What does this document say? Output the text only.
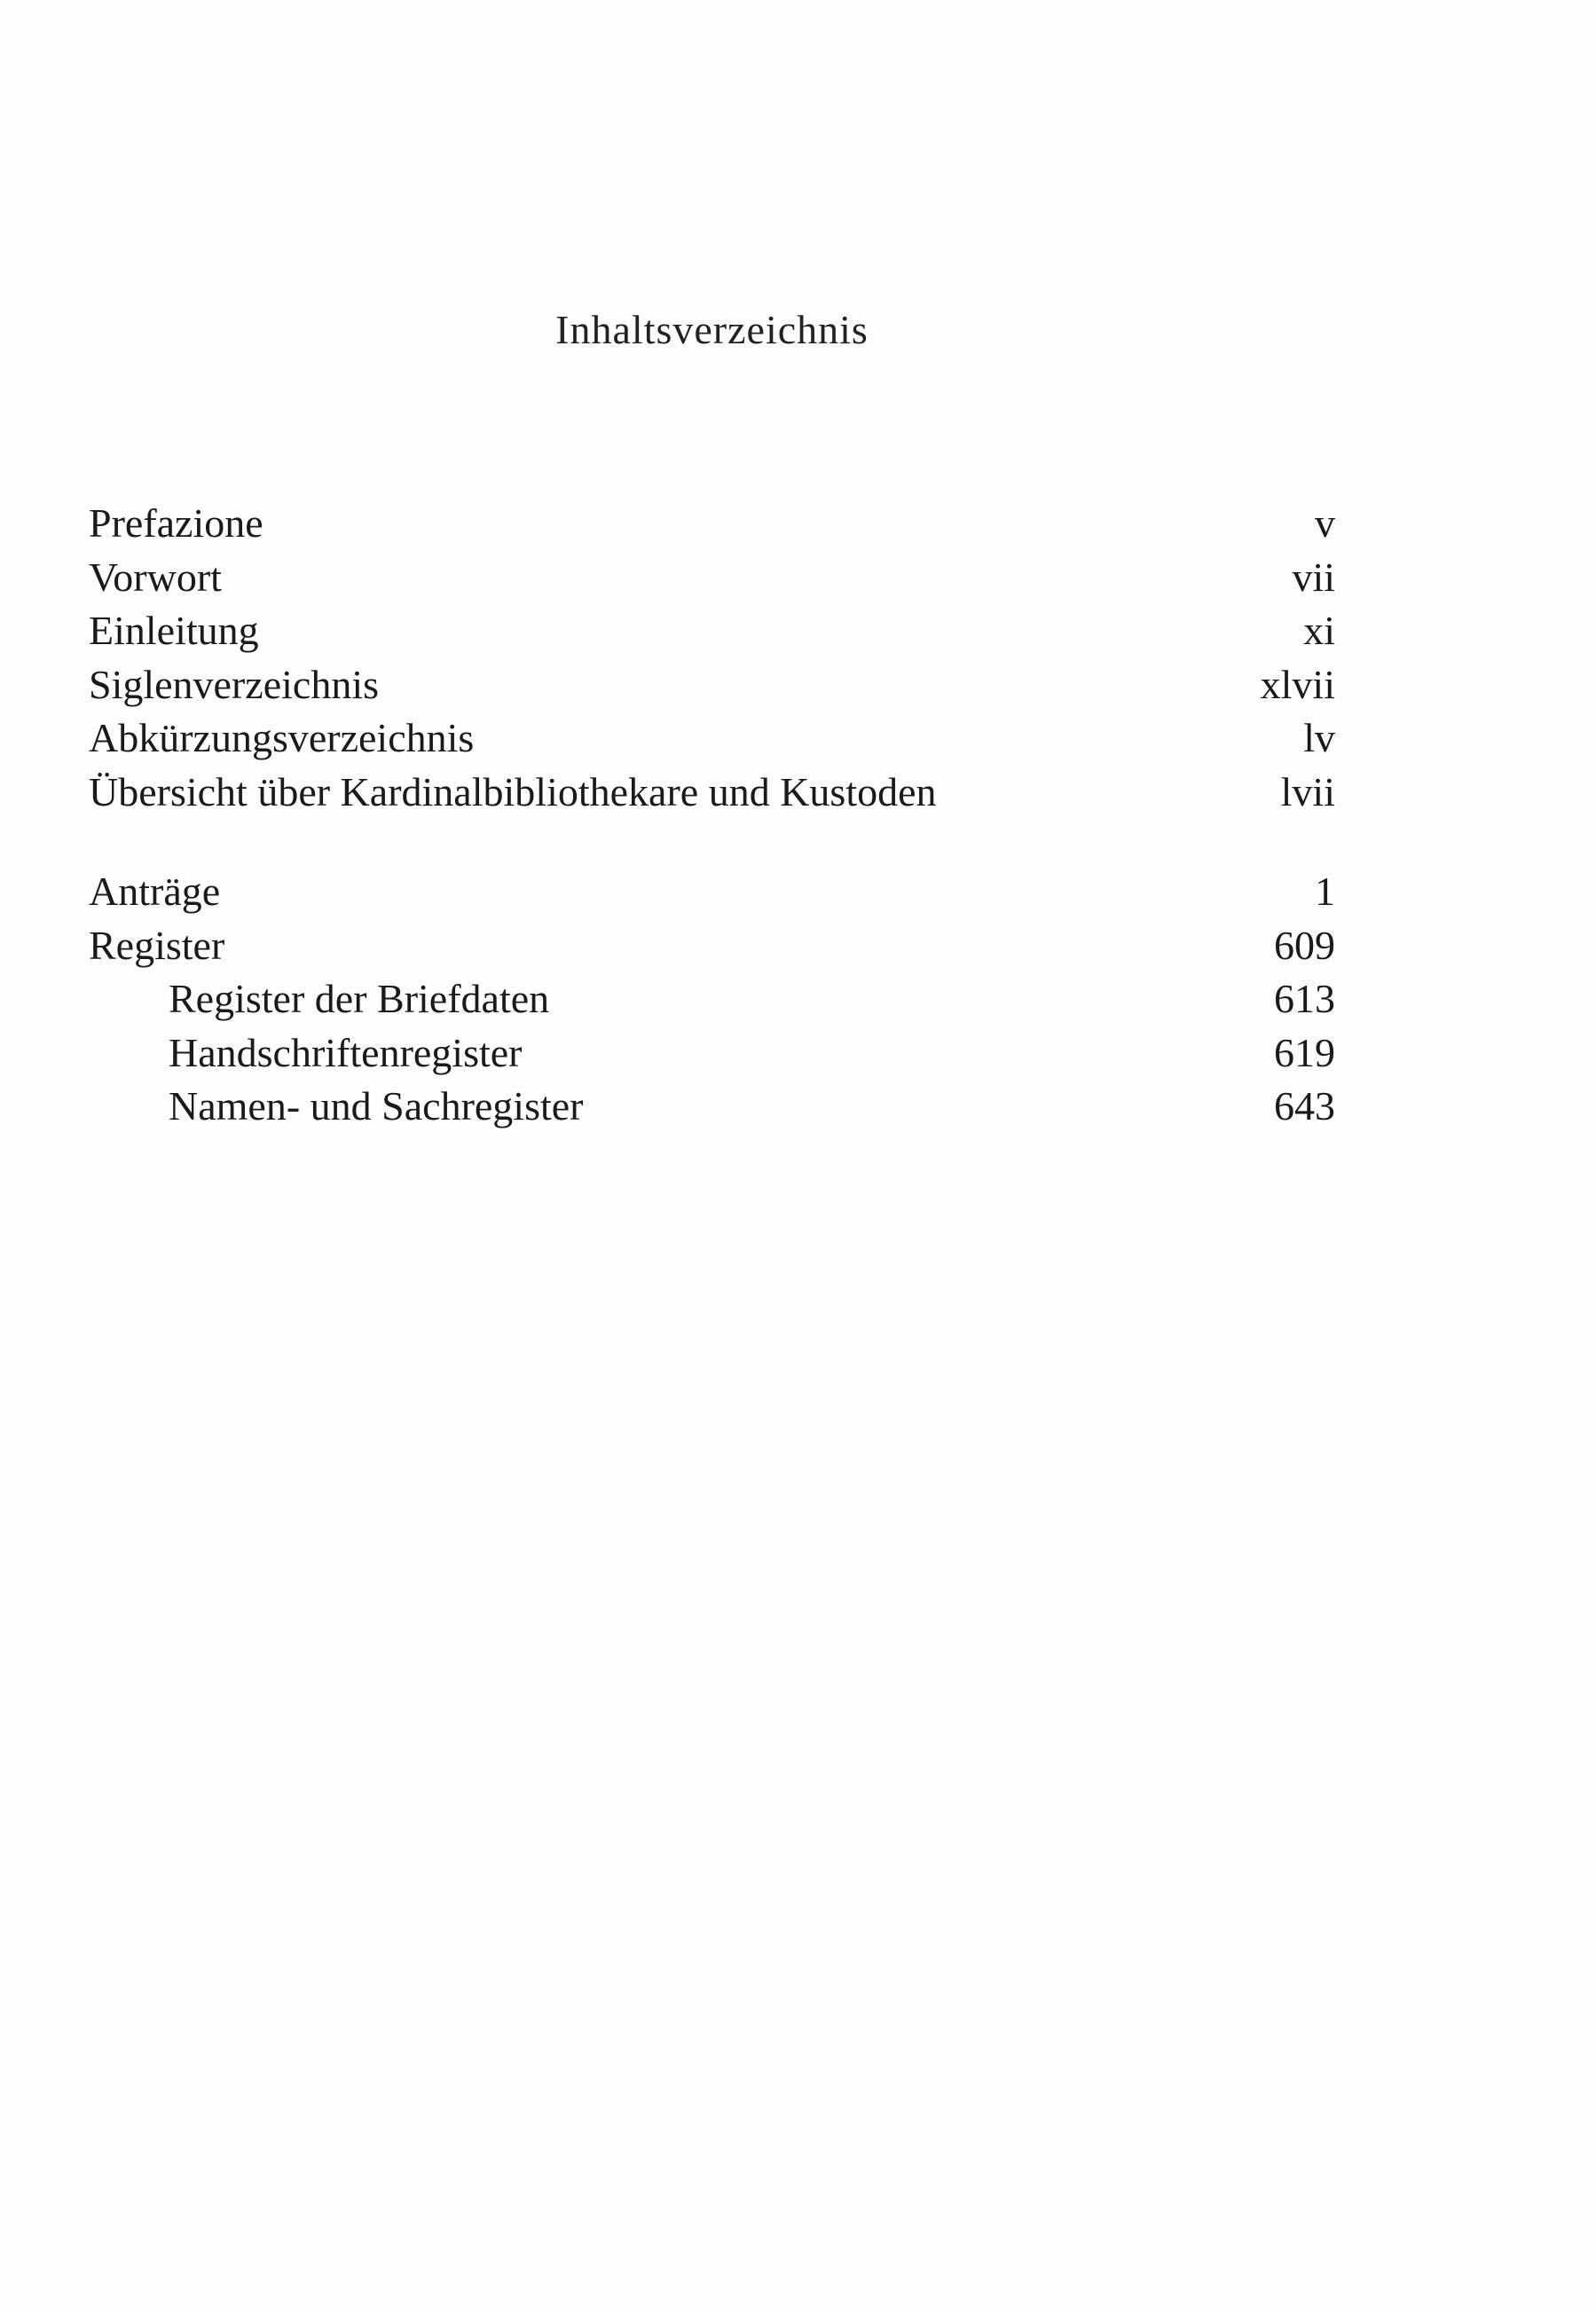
Inhaltsverzeichnis
Prefazione	v
Vorwort	vii
Einleitung	xi
Siglenverzeichnis	xlvii
Abkürzungsverzeichnis	lv
Übersicht über Kardinalbibliothekare und Kustoden	lvii
Anträge	1
Register	609
Register der Briefdaten	613
Handschriftenregister	619
Namen- und Sachregister	643
